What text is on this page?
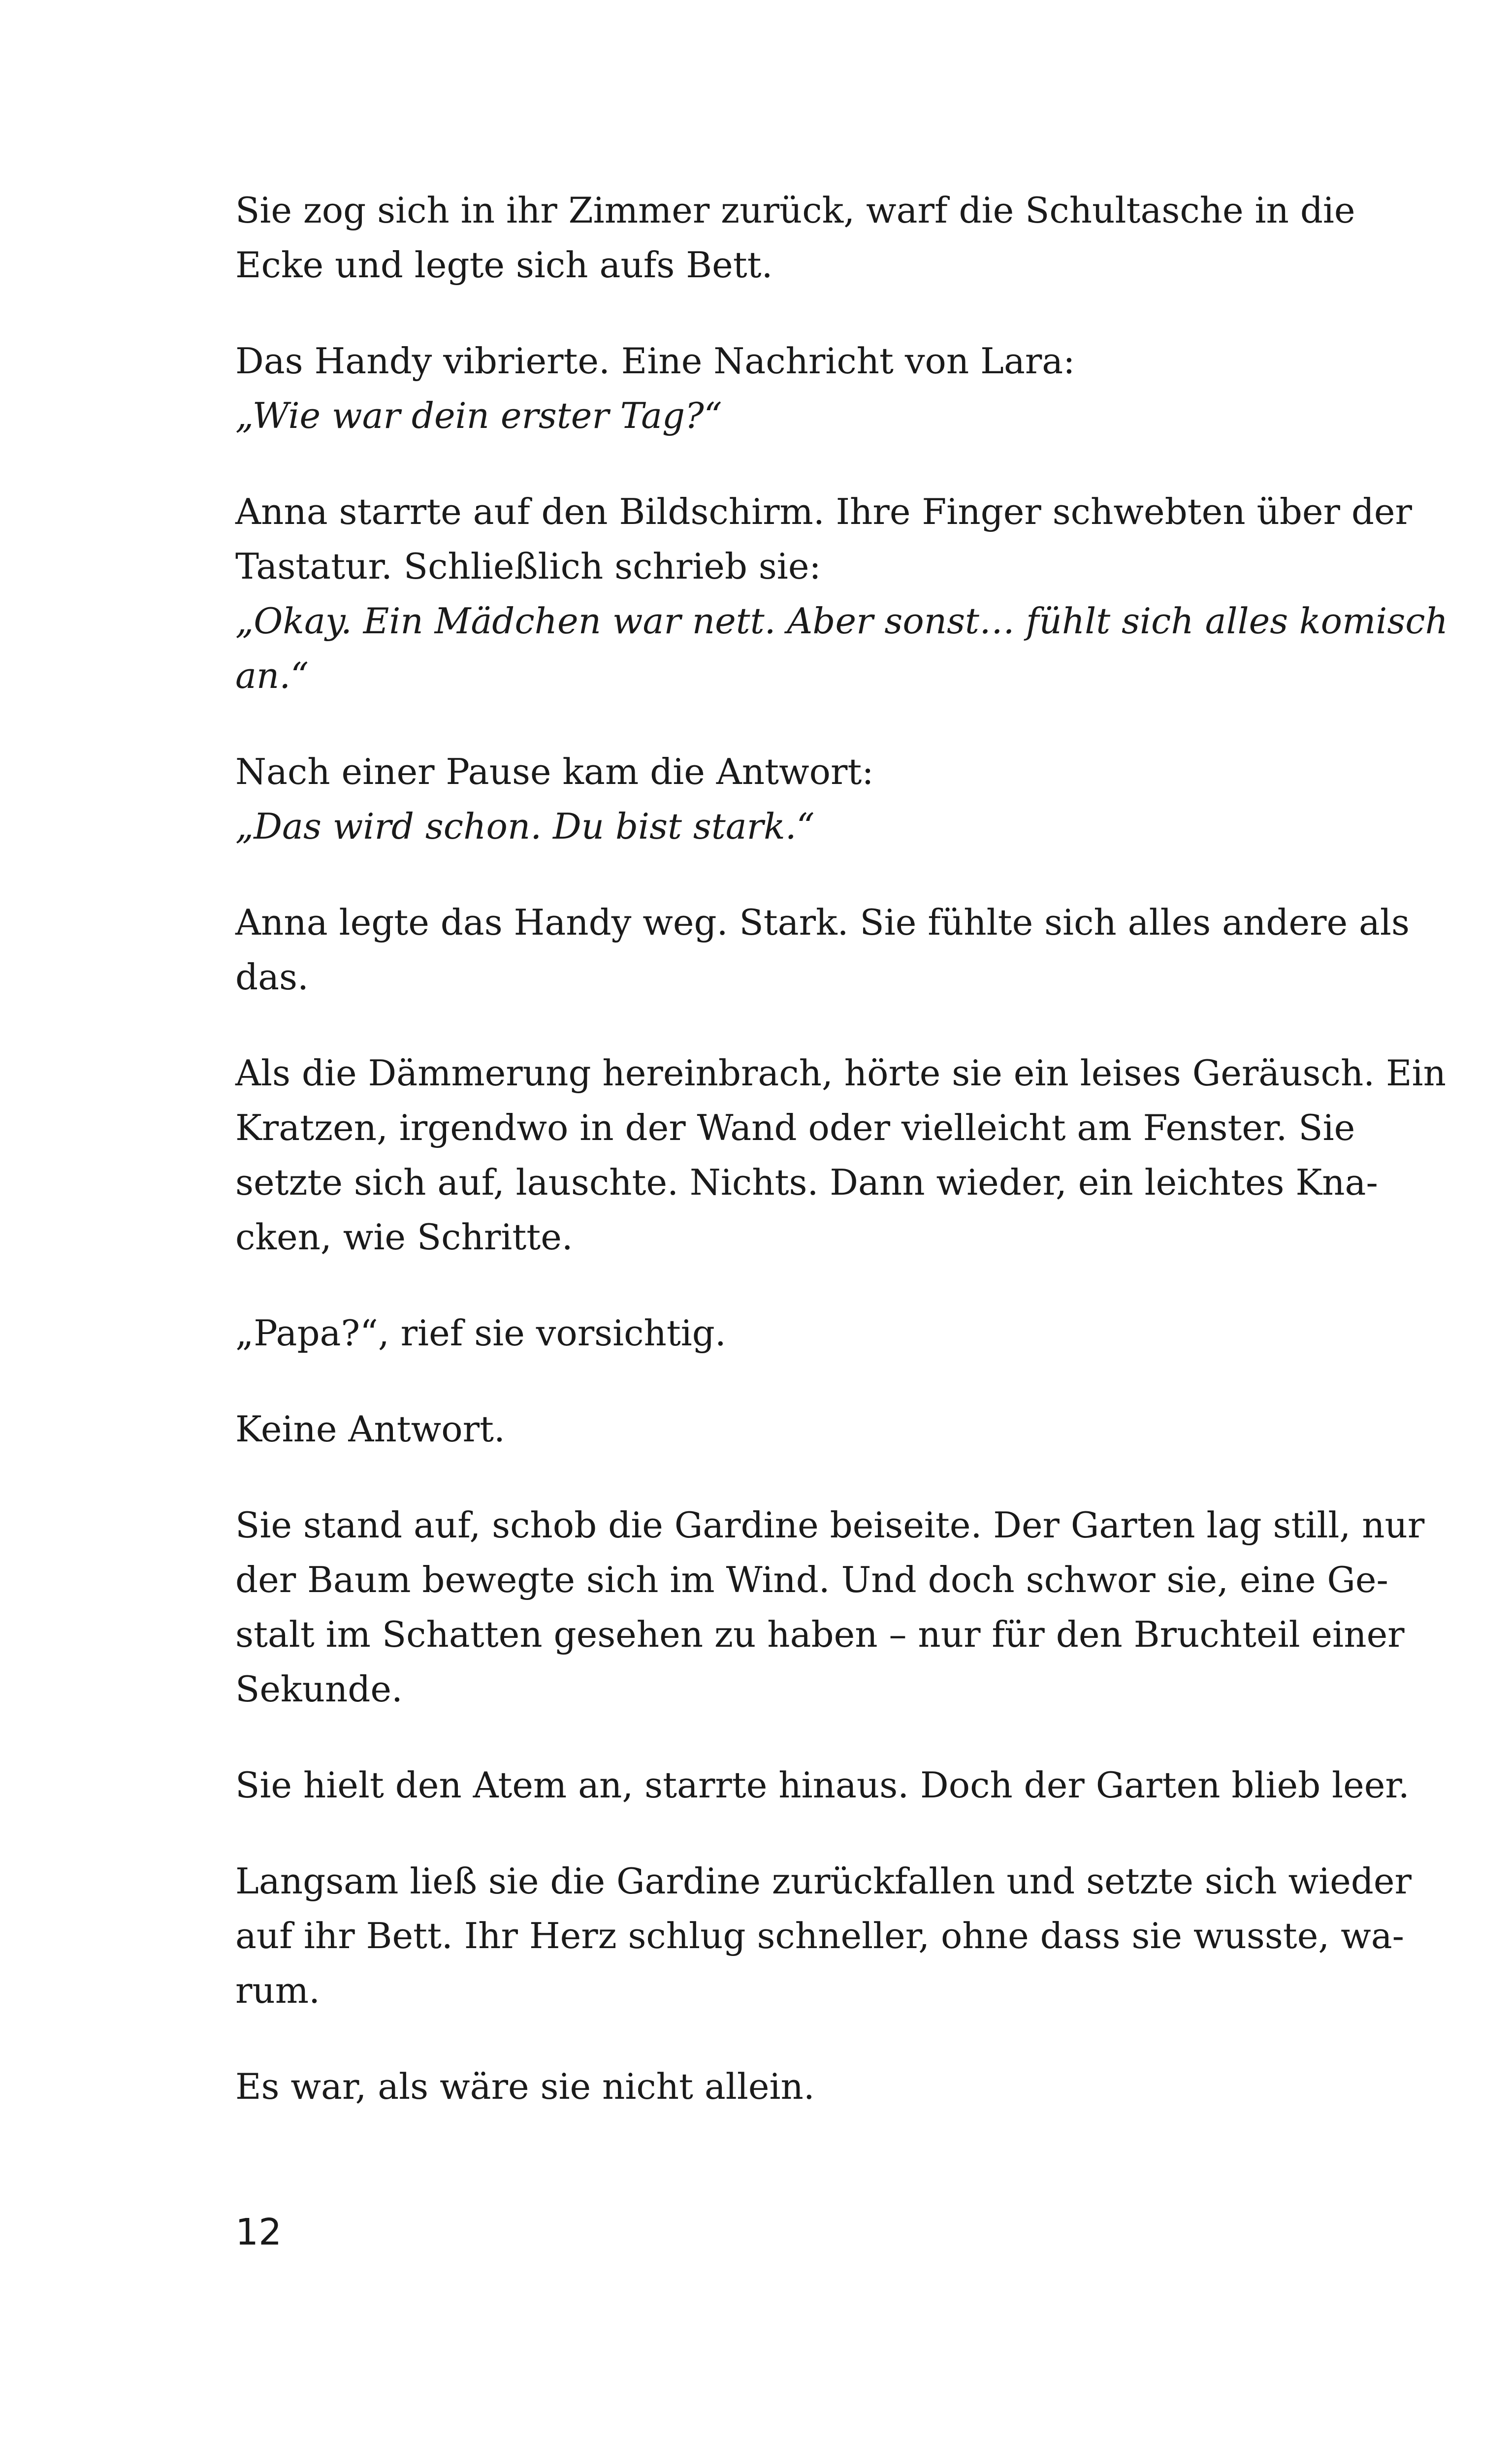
Sie zog sich in ihr Zimmer zurück, warf die Schultasche in die
Ecke und legte sich aufs Bett.

Das Handy vibrierte. Eine Nachricht von Lara:
„Wie war dein erster Tag?“

Anna starrte auf den Bildschirm. Ihre Finger schwebten über der
Tastatur. Schließlich schrieb sie:
„Okay. Ein Mädchen war nett. Aber sonst… fühlt sich alles komisch
an.“

Nach einer Pause kam die Antwort:
„Das wird schon. Du bist stark.“

Anna legte das Handy weg. Stark. Sie fühlte sich alles andere als
das.

Als die Dämmerung hereinbrach, hörte sie ein leises Geräusch. Ein
Kratzen, irgendwo in der Wand oder vielleicht am Fenster. Sie
setzte sich auf, lauschte. Nichts. Dann wieder, ein leichtes Kna-
cken, wie Schritte.

„Papa?“, rief sie vorsichtig.

Keine Antwort.

Sie stand auf, schob die Gardine beiseite. Der Garten lag still, nur
der Baum bewegte sich im Wind. Und doch schwor sie, eine Ge-
stalt im Schatten gesehen zu haben – nur für den Bruchteil einer
Sekunde.

Sie hielt den Atem an, starrte hinaus. Doch der Garten blieb leer.

Langsam ließ sie die Gardine zurückfallen und setzte sich wieder
auf ihr Bett. Ihr Herz schlug schneller, ohne dass sie wusste, wa-
rum.

Es war, als wäre sie nicht allein.

12
